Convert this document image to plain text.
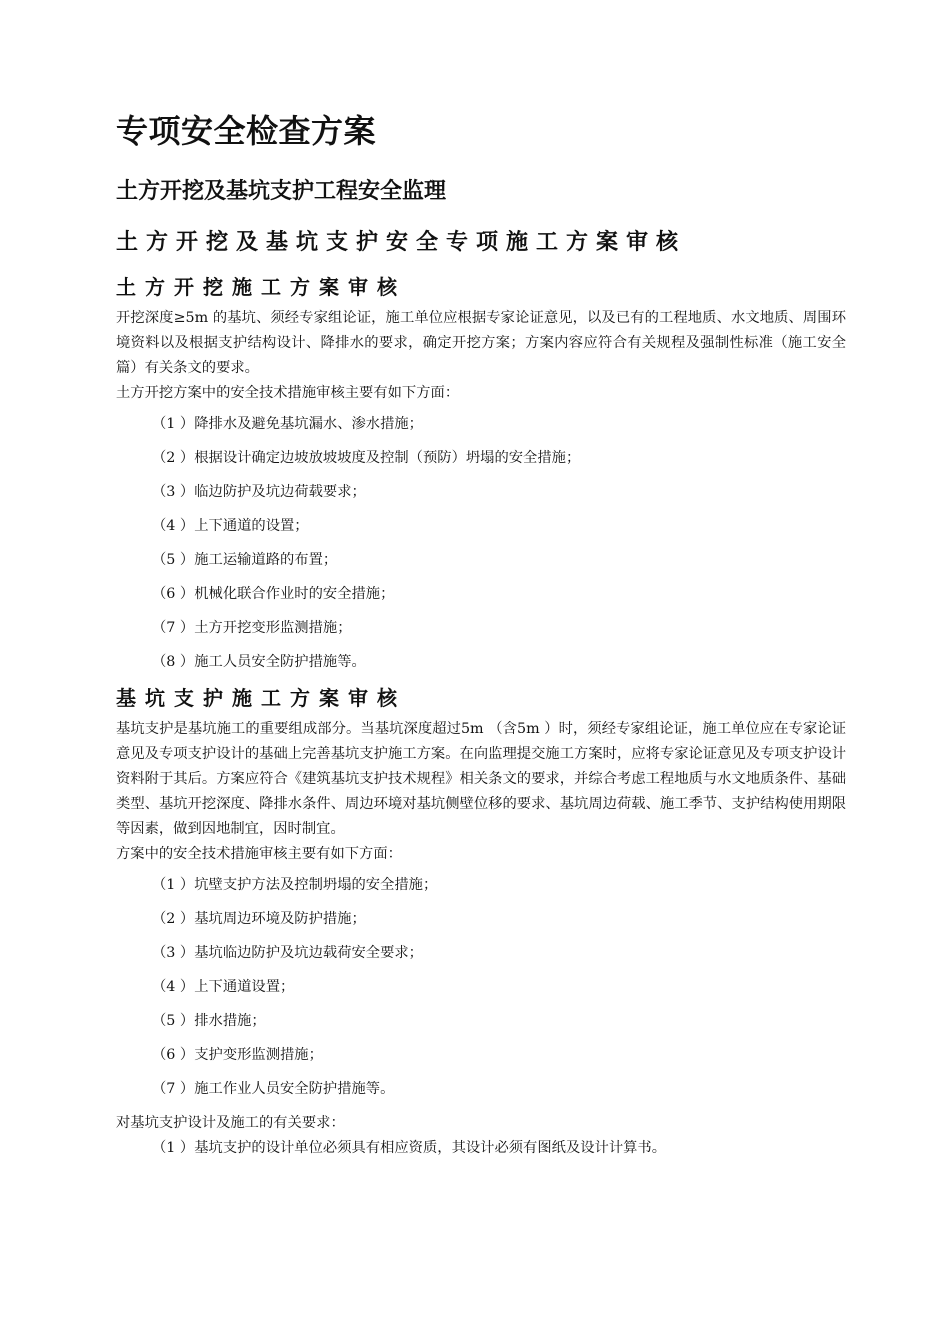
专项安全检查方案
土方开挖及基坑支护工程安全监理
土方开挖及基坑支护安全专项施工方案审核
土方开挖施工方案审核

开挖深度≥5m 的基坑、须经专家组论证，施工单位应根据专家论证意见，以及已有的工程地质、水文地质、周围环境资料以及根据支护结构设计、降排水的要求，确定开挖方案；方案内容应符合有关规程及强制性标准（施工安全篇）有关条文的要求。

土方开挖方案中的安全技术措施审核主要有如下方面：

（1 ）降排水及避免基坑漏水、渗水措施；

（2 ）根据设计确定边坡放坡坡度及控制（预防）坍塌的安全措施；

（3 ）临边防护及坑边荷载要求；

（4 ）上下通道的设置；

（5 ）施工运输道路的布置；

（6 ）机械化联合作业时的安全措施；

（7 ）土方开挖变形监测措施；

（8 ）施工人员安全防护措施等。

基坑支护施工方案审核

基坑支护是基坑施工的重要组成部分。当基坑深度超过5m （含5m ）时，须经专家组论证，施工单位应在专家论证意见及专项支护设计的基础上完善基坑支护施工方案。在向监理提交施工方案时，应将专家论证意见及专项支护设计资料附于其后。方案应符合《建筑基坑支护技术规程》相关条文的要求，并综合考虑工程地质与水文地质条件、基础类型、基坑开挖深度、降排水条件、周边环境对基坑侧壁位移的要求、基坑周边荷载、施工季节、支护结构使用期限等因素，做到因地制宜，因时制宜。

方案中的安全技术措施审核主要有如下方面：

（1 ）坑壁支护方法及控制坍塌的安全措施；

（2 ）基坑周边环境及防护措施；

（3 ）基坑临边防护及坑边载荷安全要求；

（4 ）上下通道设置；

（5 ）排水措施；

（6 ）支护变形监测措施；

（7 ）施工作业人员安全防护措施等。

对基坑支护设计及施工的有关要求：

（1 ）基坑支护的设计单位必须具有相应资质，其设计必须有图纸及设计计算书。
